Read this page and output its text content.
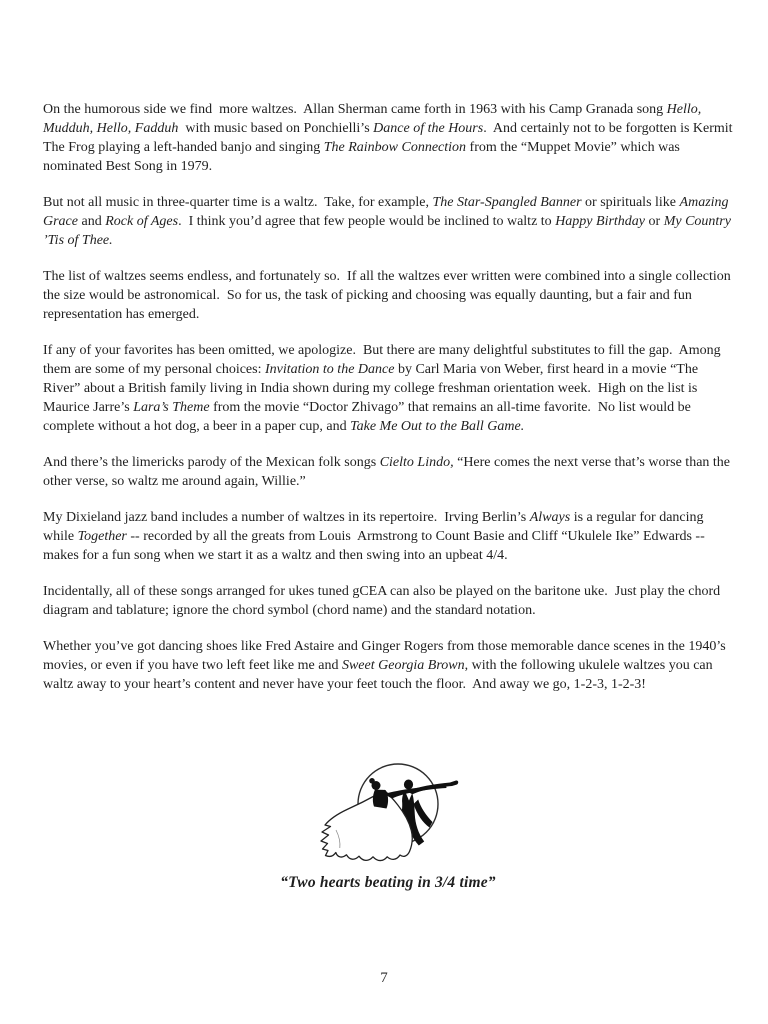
On the humorous side we find  more waltzes.  Allan Sherman came forth in 1963 with his Camp Granada song Hello, Mudduh, Hello, Fadduh  with music based on Ponchielli’s Dance of the Hours.  And certainly not to be forgotten is Kermit The Frog playing a left-handed banjo and singing The Rainbow Connection from the “Muppet Movie” which was nominated Best Song in 1979.

But not all music in three-quarter time is a waltz.  Take, for example, The Star-Spangled Banner or spirituals like Amazing Grace and Rock of Ages.  I think you’d agree that few people would be inclined to waltz to Happy Birthday or My Country ’Tis of Thee.

The list of waltzes seems endless, and fortunately so.  If all the waltzes ever written were combined into a single collection the size would be astronomical.  So for us, the task of picking and choosing was equally daunting, but a fair and fun representation has emerged.

If any of your favorites has been omitted, we apologize.  But there are many delightful substitutes to fill the gap.  Among them are some of my personal choices: Invitation to the Dance by Carl Maria von Weber, first heard in a movie “The River” about a British family living in India shown during my college freshman orientation week.  High on the list is Maurice Jarre’s Lara’s Theme from the movie “Doctor Zhivago” that remains an all-time favorite.  No list would be complete without a hot dog, a beer in a paper cup, and Take Me Out to the Ball Game.

And there’s the limericks parody of the Mexican folk songs Cielto Lindo, “Here comes the next verse that’s worse than the other verse, so waltz me around again, Willie.”

My Dixieland jazz band includes a number of waltzes in its repertoire.  Irving Berlin’s Always is a regular for dancing while Together -- recorded by all the greats from Louis  Armstrong to Count Basie and Cliff “Ukulele Ike” Edwards -- makes for a fun song when we start it as a waltz and then swing into an upbeat 4/4.

Incidentally, all of these songs arranged for ukes tuned gCEA can also be played on the baritone uke.  Just play the chord diagram and tablature; ignore the chord symbol (chord name) and the standard notation.

Whether you’ve got dancing shoes like Fred Astaire and Ginger Rogers from those memorable dance scenes in the 1940’s movies, or even if you have two left feet like me and Sweet Georgia Brown, with the following ukulele waltzes you can waltz away to your heart’s content and never have your feet touch the floor.  And away we go, 1-2-3, 1-2-3!

“Two hearts beating in 3/4 time”
7
